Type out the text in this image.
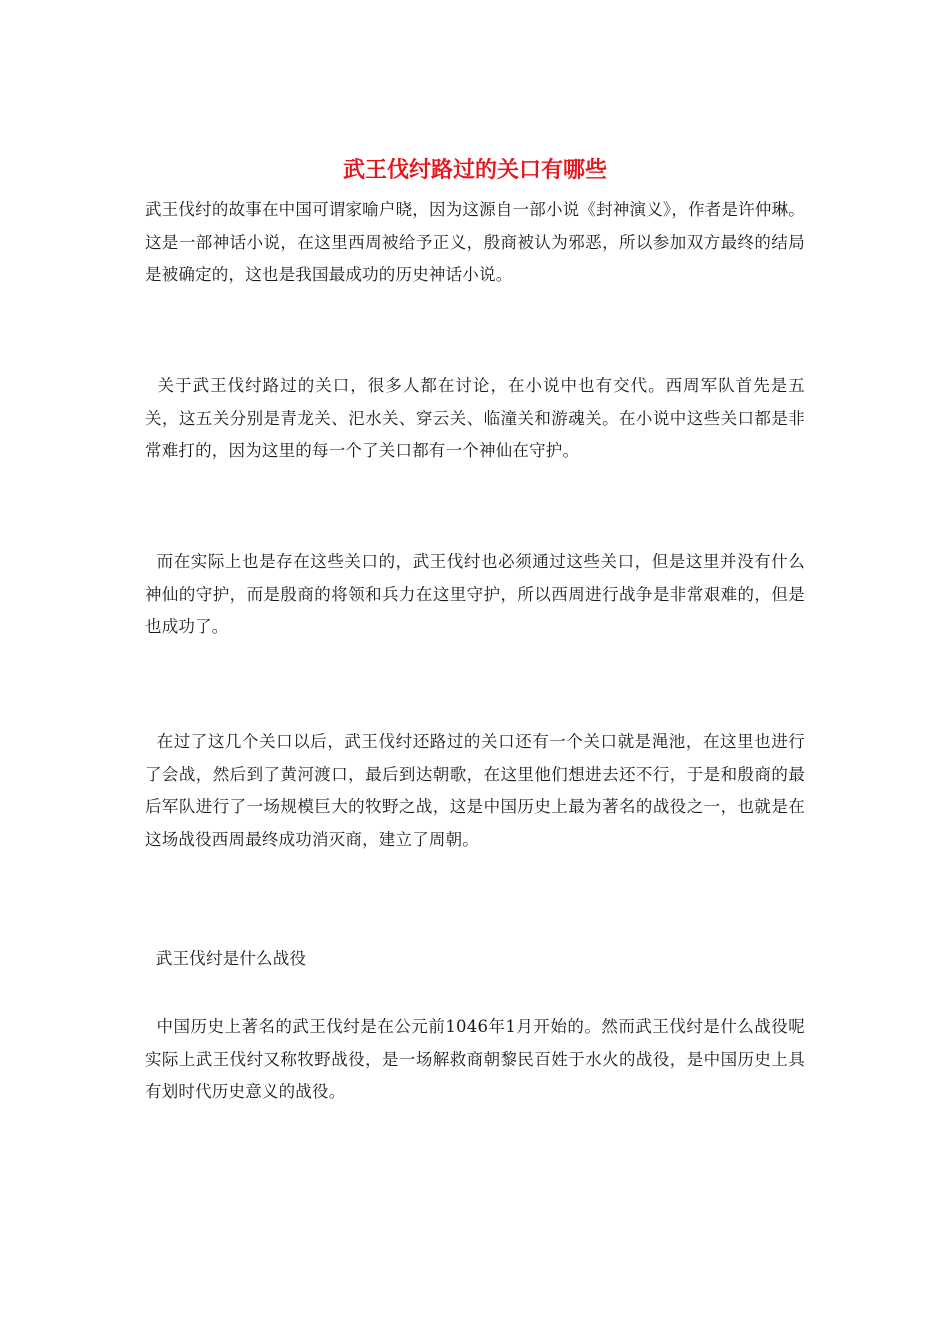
武王伐纣路过的关口有哪些

武王伐纣的故事在中国可谓家喻户晓，因为这源自一部小说《封神演义》，作者是许仲琳。这是一部神话小说，在这里西周被给予正义，殷商被认为邪恶，所以参加双方最终的结局是被确定的，这也是我国最成功的历史神话小说。

关于武王伐纣路过的关口，很多人都在讨论，在小说中也有交代。西周军队首先是五关，这五关分别是青龙关、汜水关、穿云关、临潼关和游魂关。在小说中这些关口都是非常难打的，因为这里的每一个了关口都有一个神仙在守护。

而在实际上也是存在这些关口的，武王伐纣也必须通过这些关口，但是这里并没有什么神仙的守护，而是殷商的将领和兵力在这里守护，所以西周进行战争是非常艰难的，但是也成功了。

在过了这几个关口以后，武王伐纣还路过的关口还有一个关口就是渑池，在这里也进行了会战，然后到了黄河渡口，最后到达朝歌，在这里他们想进去还不行，于是和殷商的最后军队进行了一场规模巨大的牧野之战，这是中国历史上最为著名的战役之一，也就是在这场战役西周最终成功消灭商，建立了周朝。

武王伐纣是什么战役

中国历史上著名的武王伐纣是在公元前1046年1月开始的。然而武王伐纣是什么战役呢实际上武王伐纣又称牧野战役，是一场解救商朝黎民百姓于水火的战役，是中国历史上具有划时代历史意义的战役。
